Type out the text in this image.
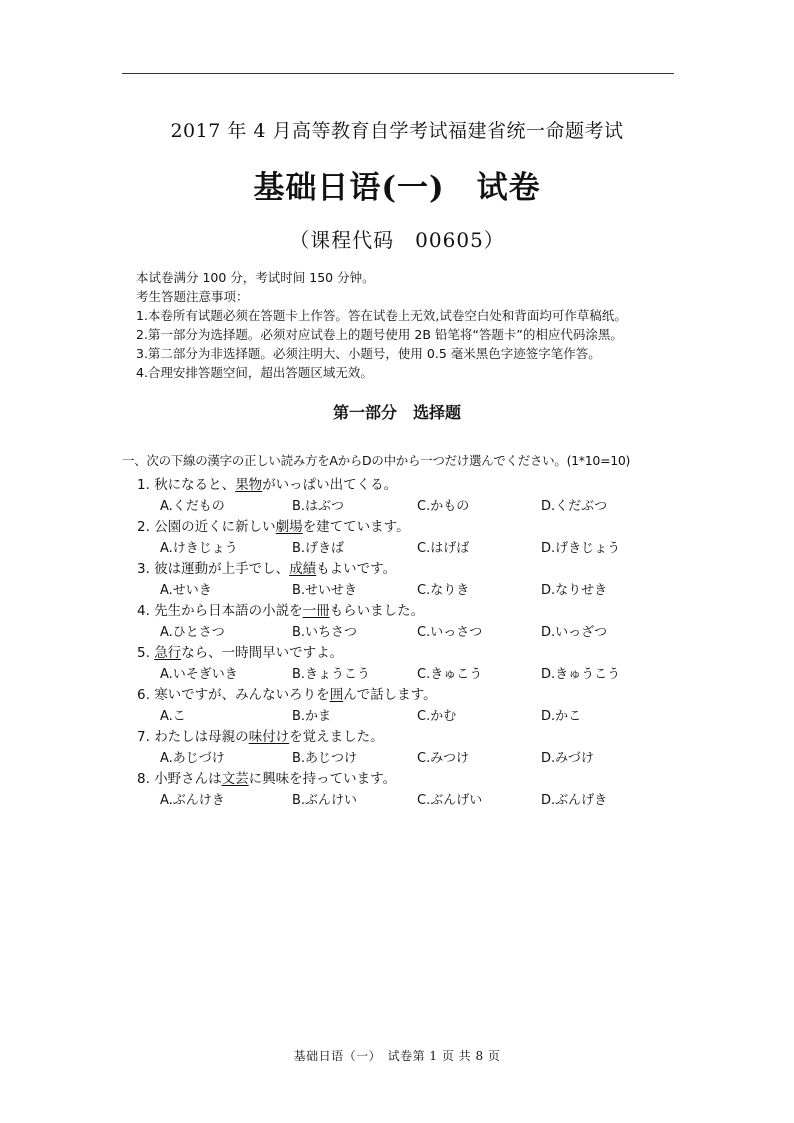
2017 年 4 月高等教育自学考试福建省统一命题考试
基础日语(一)　试卷
（课程代码　00605）
本试卷满分 100 分，考试时间 150 分钟。
考生答题注意事项：
1.本卷所有试题必须在答题卡上作答。答在试卷上无效,试卷空白处和背面均可作草稿纸。
2.第一部分为选择题。必须对应试卷上的题号使用 2B 铅笔将“答题卡”的相应代码涂黑。
3.第二部分为非选择题。必须注明大、小题号，使用 0.5 毫米黑色字迹签字笔作答。
4.合理安排答题空间，超出答题区域无效。
第一部分　选择题
一、次の下線の漢字の正しい読み方をAからDの中から一つだけ選んでください。(1*10=10)
1. 秋になると、果物がいっぱい出てくる。
A.くだもの	B.はぶつ	C.かもの	D.くだぶつ
2. 公園の近くに新しい劇場を建てています。
A.けきじょう	B.げきば	C.はげば	D.げきじょう
3. 彼は運動が上手でし、成績もよいです。
A.せいき	B.せいせき	C.なりき	D.なりせき
4. 先生から日本語の小説を一冊もらいました。
A.ひとさつ	B.いちさつ	C.いっさつ	D.いっざつ
5. 急行なら、一時間早いですよ。
A.いそぎいき	B.きょうこう	C.きゅこう	D.きゅうこう
6. 寒いですが、みんないろりを囲んで話します。
A.こ	B.かま	C.かむ	D.かこ
7. わたしは母親の味付けを覚えました。
A.あじづけ	B.あじつけ	C.みつけ	D.みづけ
8. 小野さんは文芸に興味を持っています。
A.ぶんけき	B.ぶんけい	C.ぶんげい	D.ぶんげき
基础日语（一）　试卷第 1 页 共 8 页
